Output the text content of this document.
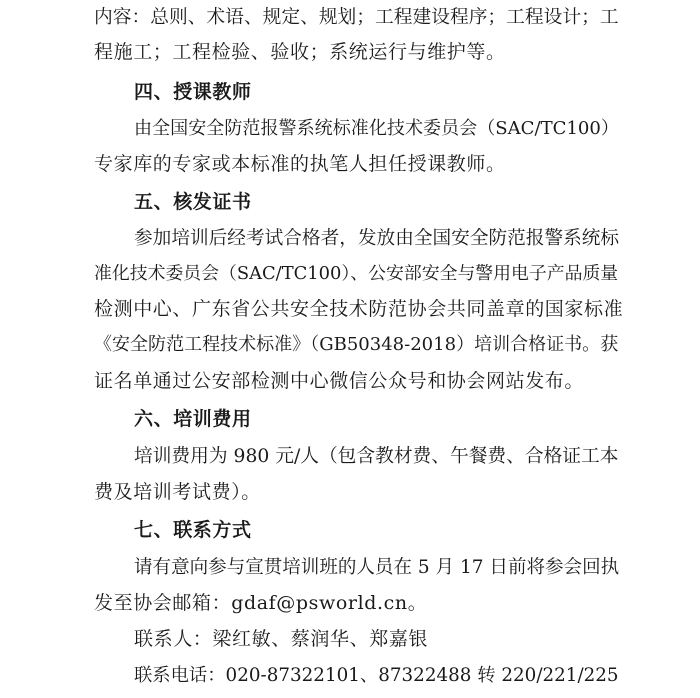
内容：总则、术语、规定、规划；工程建设程序；工程设计；工
程施工；工程检验、验收；系统运行与维护等。
四、授课教师
由全国安全防范报警系统标准化技术委员会（SAC/TC100）
专家库的专家或本标准的执笔人担任授课教师。
五、核发证书
参加培训后经考试合格者，发放由全国安全防范报警系统标
准化技术委员会（SAC/TC100）、公安部安全与警用电子产品质量
检测中心、广东省公共安全技术防范协会共同盖章的国家标准
《安全防范工程技术标准》（GB50348-2018）培训合格证书。获
证名单通过公安部检测中心微信公众号和协会网站发布。
六、培训费用
培训费用为 980 元/人（包含教材费、午餐费、合格证工本
费及培训考试费）。
七、联系方式
请有意向参与宣贯培训班的人员在 5 月 17 日前将参会回执
发至协会邮箱：gdaf@psworld.cn。
联系人：梁红敏、蔡润华、郑嘉银
联系电话：020-87322101、87322488 转 220/221/225
